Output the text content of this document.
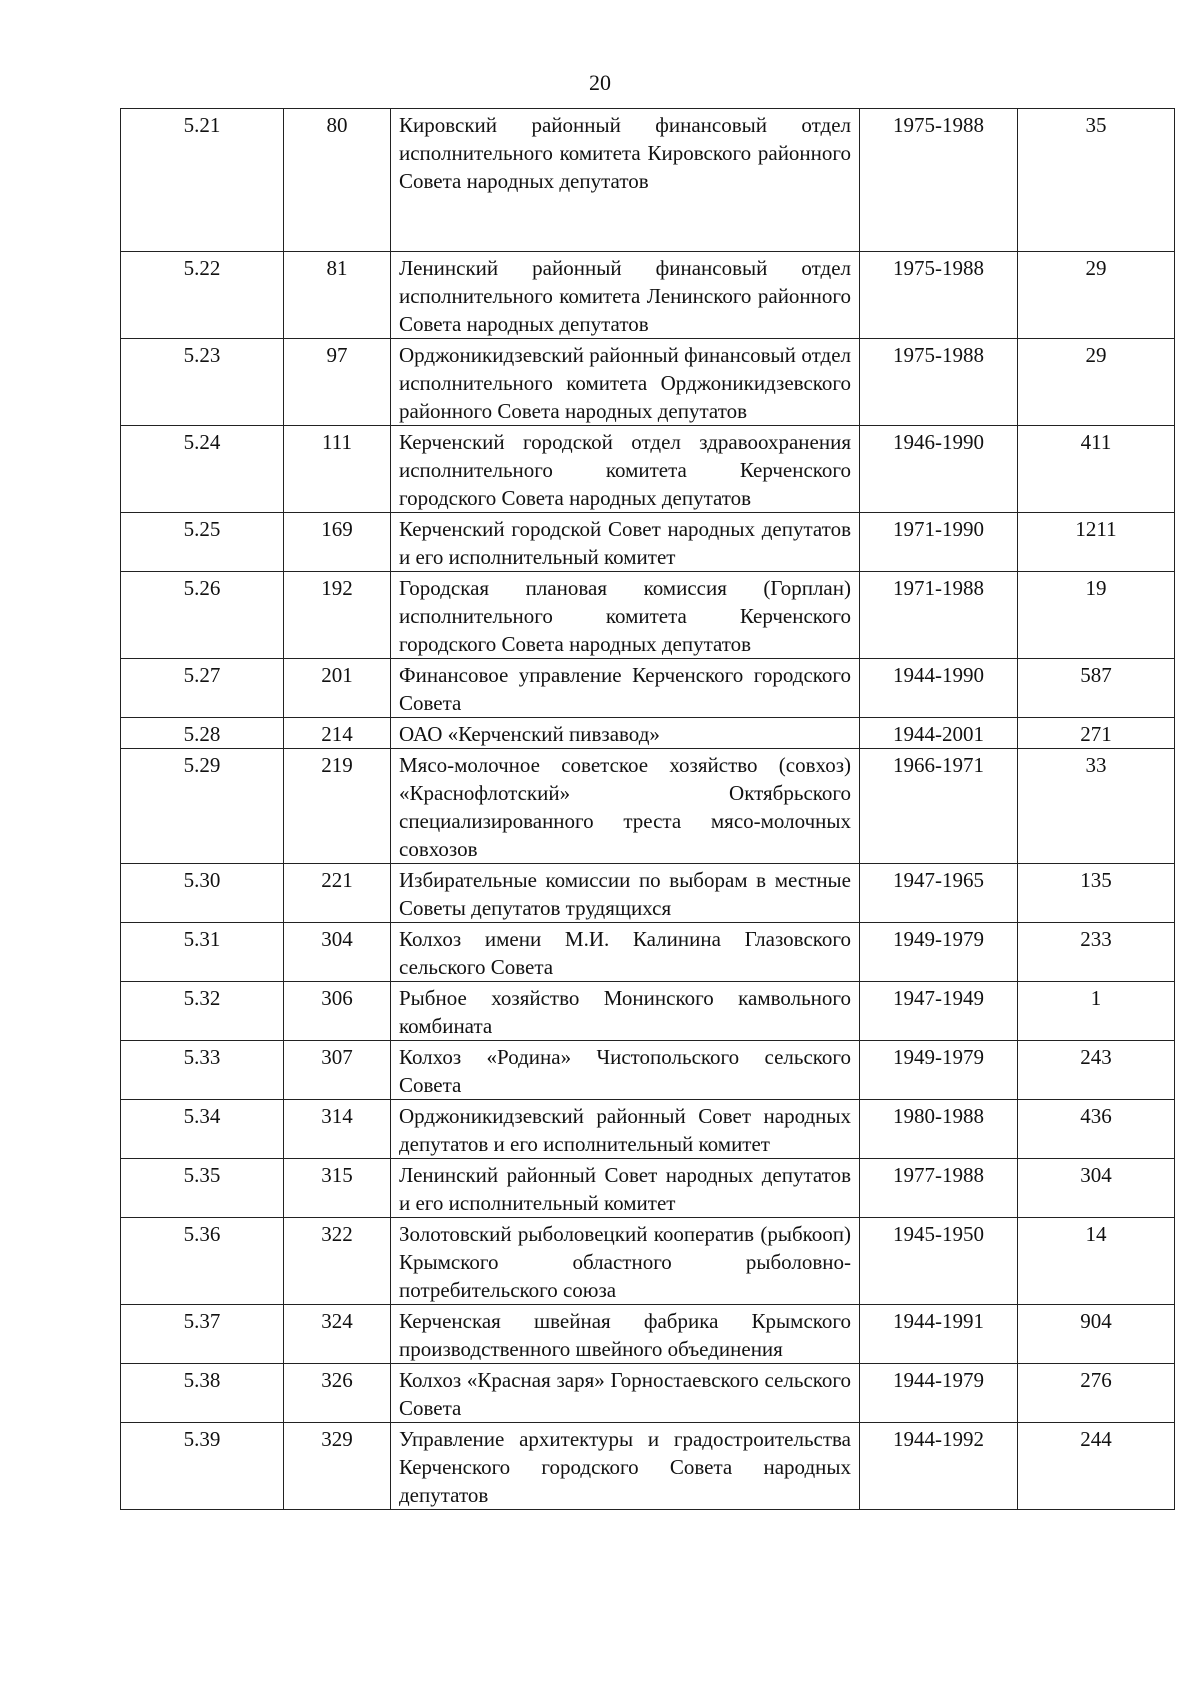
20
5.21	80	Кировский районный финансовый отдел исполнительного комитета Кировского районного Совета народных депутатов	1975-1988	35
5.22	81	Ленинский районный финансовый отдел исполнительного комитета Ленинского районного Совета народных депутатов	1975-1988	29
5.23	97	Орджоникидзевский районный финансовый отдел исполнительного комитета Орджоникидзевского районного Совета народных депутатов	1975-1988	29
5.24	111	Керченский городской отдел здравоохранения исполнительного комитета Керченского городского Совета народных депутатов	1946-1990	411
5.25	169	Керченский городской Совет народных депутатов и его исполнительный комитет	1971-1990	1211
5.26	192	Городская плановая комиссия (Горплан) исполнительного комитета Керченского городского Совета народных депутатов	1971-1988	19
5.27	201	Финансовое управление Керченского городского Совета	1944-1990	587
5.28	214	ОАО «Керченский пивзавод»	1944-2001	271
5.29	219	Мясо-молочное советское хозяйство (совхоз) «Краснофлотский» Октябрьского специализированного треста мясо-молочных совхозов	1966-1971	33
5.30	221	Избирательные комиссии по выборам в местные Советы депутатов трудящихся	1947-1965	135
5.31	304	Колхоз имени М.И. Калинина Глазовского сельского Совета	1949-1979	233
5.32	306	Рыбное хозяйство Монинского камвольного комбината	1947-1949	1
5.33	307	Колхоз «Родина» Чистопольского сельского Совета	1949-1979	243
5.34	314	Орджоникидзевский районный Совет народных депутатов и его исполнительный комитет	1980-1988	436
5.35	315	Ленинский районный Совет народных депутатов и его исполнительный комитет	1977-1988	304
5.36	322	Золотовский рыболовецкий кооператив (рыбкооп) Крымского областного рыболовно-потребительского союза	1945-1950	14
5.37	324	Керченская швейная фабрика Крымского производственного швейного объединения	1944-1991	904
5.38	326	Колхоз «Красная заря» Горностаевского сельского Совета	1944-1979	276
5.39	329	Управление архитектуры и градостроительства Керченского городского Совета народных депутатов	1944-1992	244
